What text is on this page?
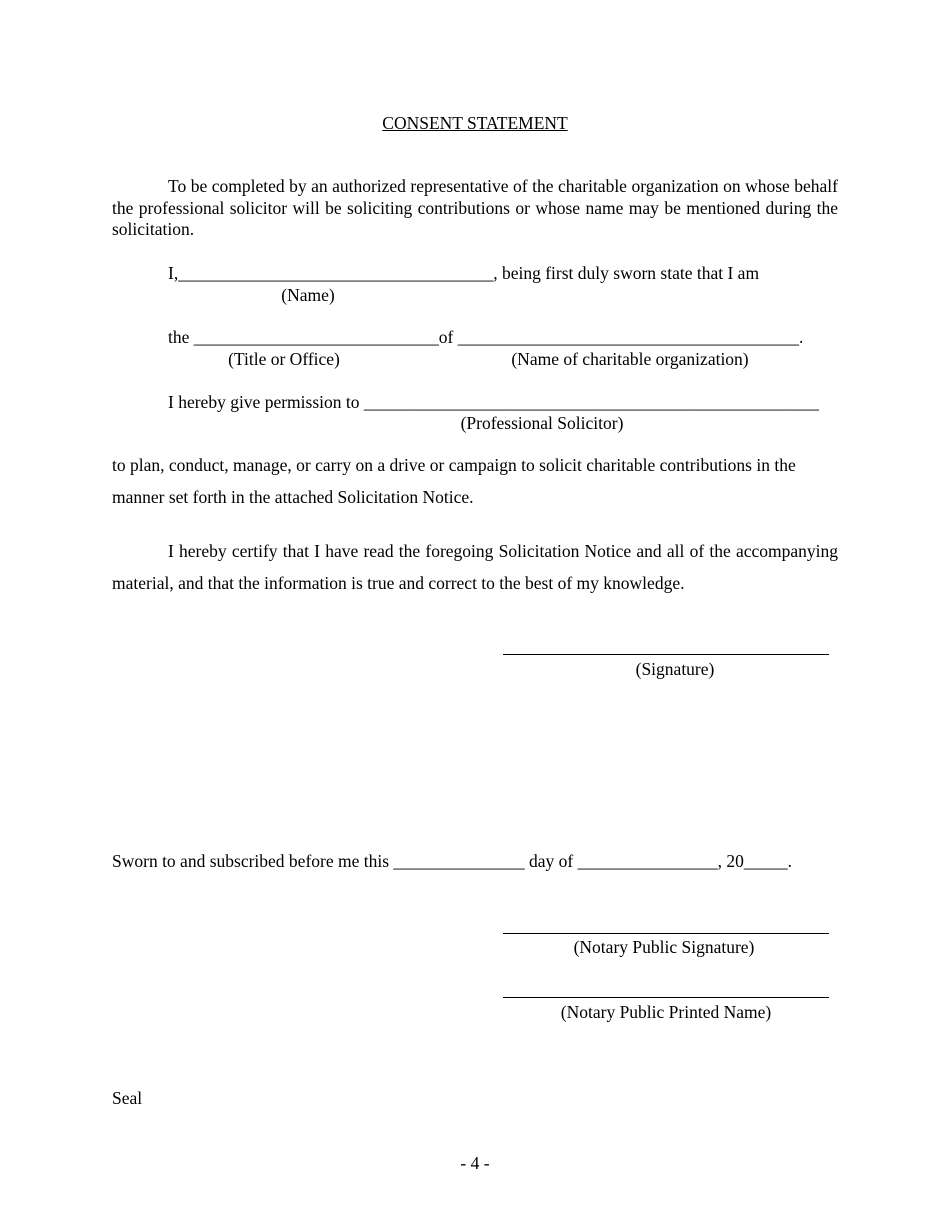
CONSENT STATEMENT
To be completed by an authorized representative of the charitable organization on whose behalf the professional solicitor will be soliciting contributions or whose name may be mentioned during the solicitation.
I,____________________________________, being first duly sworn state that I am
(Name)
the ____________________________of _______________________________________.
(Title or Office)	(Name of charitable organization)
I hereby give permission to ____________________________________________________
(Professional Solicitor)
to plan, conduct, manage, or carry on a drive or campaign to solicit charitable contributions in the manner set forth in the attached Solicitation Notice.
I hereby certify that I have read the foregoing Solicitation Notice and all of the accompanying material, and that the information is true and correct to the best of my knowledge.
(Signature)
Sworn to and subscribed before me this _______________ day of ________________, 20_____.
(Notary Public Signature)
(Notary Public Printed Name)
Seal
- 4 -
